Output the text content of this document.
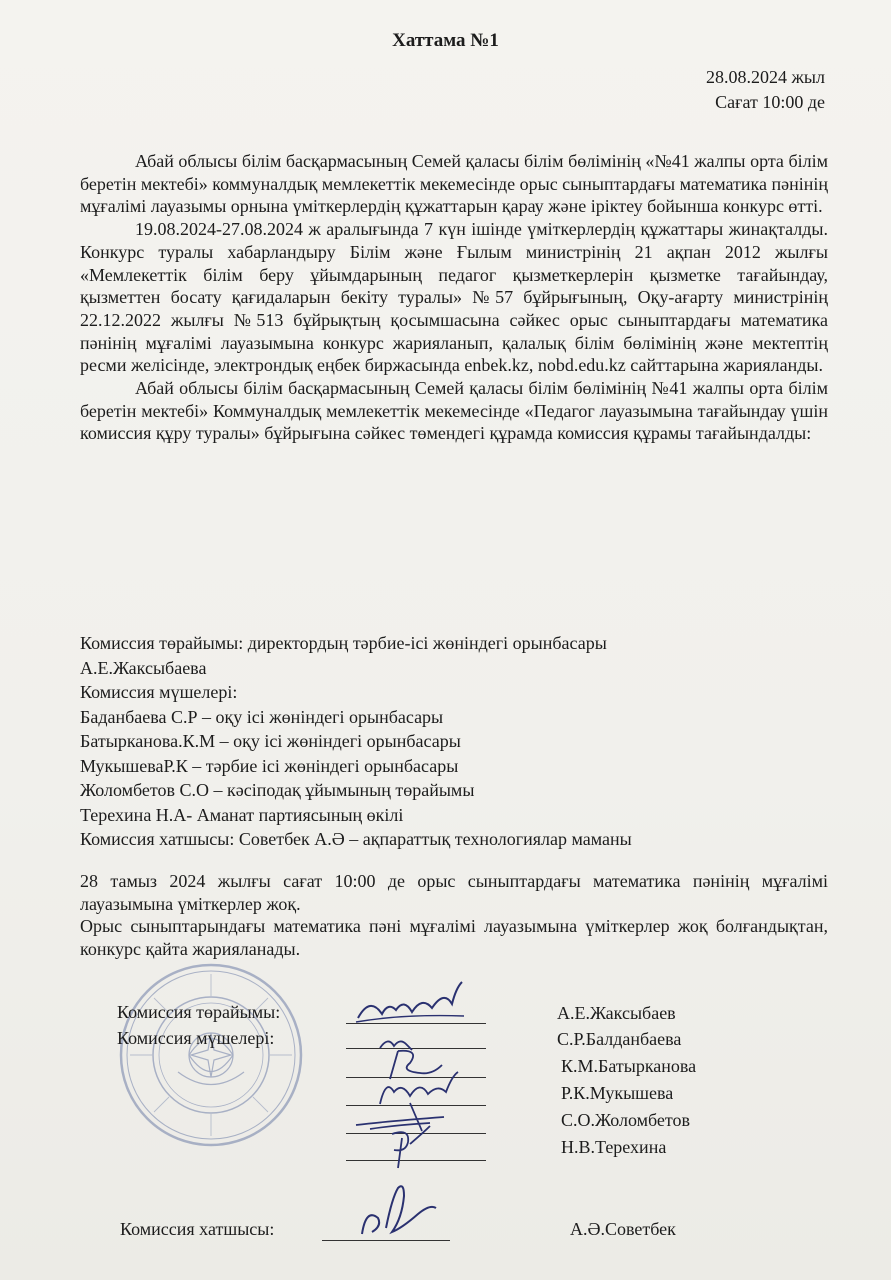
Хаттама №1
28.08.2024 жыл
Сағат 10:00 де

Абай облысы білім басқармасының Семей қаласы білім бөлімінің «№41 жалпы орта білім беретін мектебі» коммуналдық мемлекеттік мекемесінде орыс сыныптардағы математика пәнінің мұғалімі лауазымы орнына үміткерлердің құжаттарын қарау және іріктеу бойынша конкурс өтті.

19.08.2024-27.08.2024 ж аралығында 7 күн ішінде үміткерлердің құжаттары жинақталды. Конкурс туралы хабарландыру Білім және Ғылым министрінің 21 ақпан 2012 жылғы «Мемлекеттік білім беру ұйымдарының педагог қызметкерлерін қызметке тағайындау, қызметтен босату қағидаларын бекіту туралы» №57 бұйрығының, Оқу-ағарту министрінің 22.12.2022 жылғы №513 бұйрықтың қосымшасына сәйкес орыс сыныптардағы математика пәнінің мұғалімі лауазымына конкурс жарияланып, қалалық білім бөлімінің және мектептің ресми желісінде, электрондық еңбек биржасында enbek.kz, nobd.edu.kz сайттарына жарияланды.

Абай облысы білім басқармасының Семей қаласы білім бөлімінің №41 жалпы орта білім беретін мектебі» Коммуналдық мемлекеттік мекемесінде «Педагог лауазымына тағайындау үшін комиссия құру туралы» бұйрығына сәйкес төмендегі құрамда комиссия құрамы тағайындалды:

Комиссия төрайымы: директордың тәрбие-ісі жөніндегі орынбасары
А.Е.Жаксыбаева
Комиссия мүшелері:
Баданбаева С.Р – оқу ісі жөніндегі орынбасары
Батырканова.К.М – оқу ісі жөніндегі орынбасары
МукышеваР.К – тәрбие ісі жөніндегі орынбасары
Жоломбетов С.О – кәсіподақ ұйымының төрайымы
Терехина Н.А- Аманат партиясының өкілі
Комиссия хатшысы: Советбек А.Ә – ақпараттық технологиялар маманы

28 тамыз 2024 жылғы сағат 10:00 де орыс сыныптардағы математика пәнінің мұғалімі лауазымына үміткерлер жоқ.

Орыс сыныптарындағы математика пәні мұғалімі лауазымына үміткерлер жоқ болғандықтан, конкурс қайта жарияланады.

Комиссия төрайымы:
Комиссия мүшелері:
А.Е.Жаксыбаев
С.Р.Балданбаева
К.М.Батырканова
Р.К.Мукышева
С.О.Жоломбетов
Н.В.Терехина
Комиссия хатшысы:	А.Ә.Советбек
